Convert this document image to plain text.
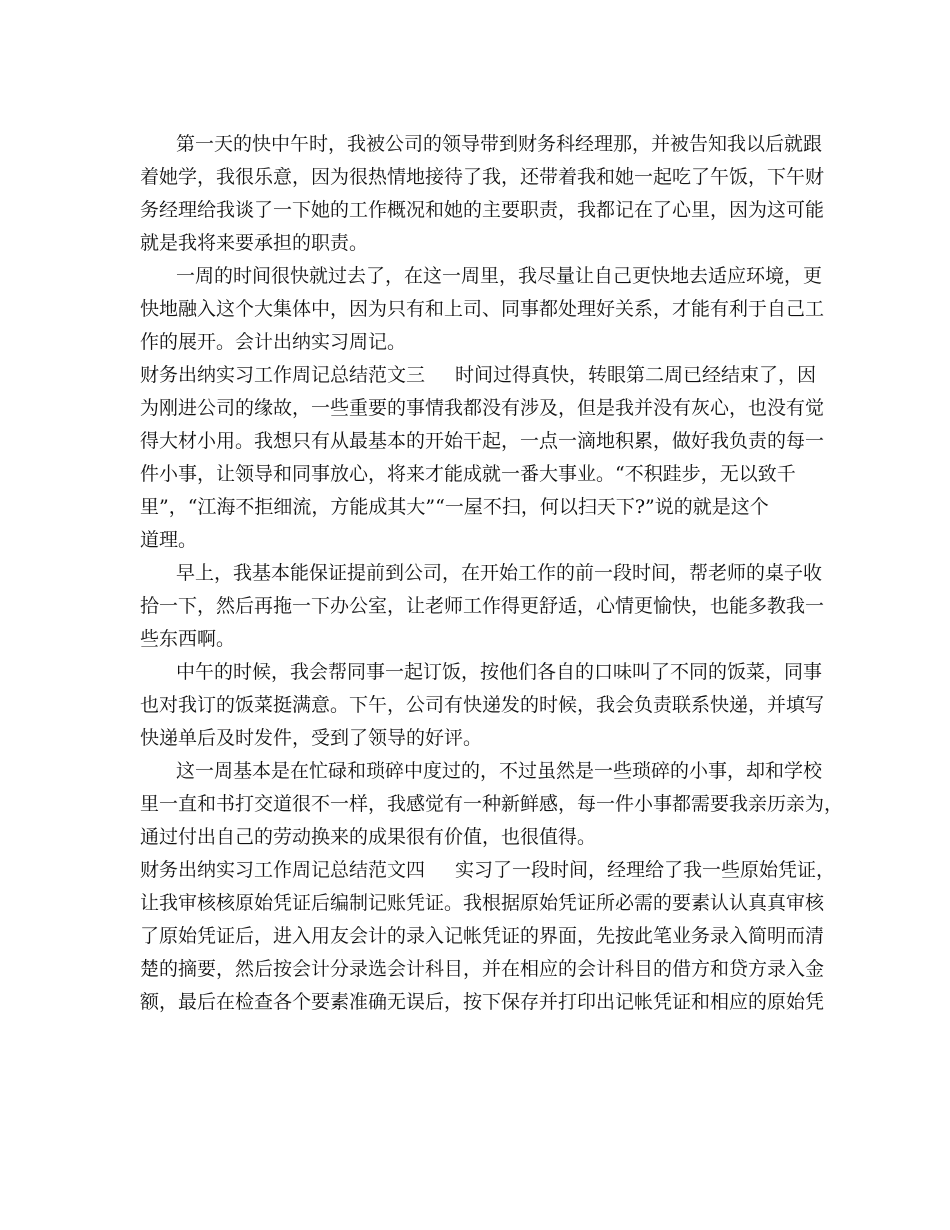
第一天的快中午时，我被公司的领导带到财务科经理那，并被告知我以后就跟
着她学，我很乐意，因为很热情地接待了我，还带着我和她一起吃了午饭，下午财
务经理给我谈了一下她的工作概况和她的主要职责，我都记在了心里，因为这可能
就是我将来要承担的职责。
一周的时间很快就过去了，在这一周里，我尽量让自己更快地去适应环境，更
快地融入这个大集体中，因为只有和上司、同事都处理好关系，才能有利于自己工
作的展开。会计出纳实习周记。
财务出纳实习工作周记总结范文三 时间过得真快，转眼第二周已经结束了，因
为刚进公司的缘故，一些重要的事情我都没有涉及，但是我并没有灰心，也没有觉
得大材小用。我想只有从最基本的开始干起，一点一滴地积累，做好我负责的每一
件小事，让领导和同事放心，将来才能成就一番大事业。“不积跬步，无以致千
里”，“江海不拒细流，方能成其大”“一屋不扫，何以扫天下?”说的就是这个
道理。
早上，我基本能保证提前到公司，在开始工作的前一段时间，帮老师的桌子收
拾一下，然后再拖一下办公室，让老师工作得更舒适，心情更愉快，也能多教我一
些东西啊。
中午的时候，我会帮同事一起订饭，按他们各自的口味叫了不同的饭菜，同事
也对我订的饭菜挺满意。下午，公司有快递发的时候，我会负责联系快递，并填写
快递单后及时发件，受到了领导的好评。
这一周基本是在忙碌和琐碎中度过的，不过虽然是一些琐碎的小事，却和学校
里一直和书打交道很不一样，我感觉有一种新鲜感，每一件小事都需要我亲历亲为，
通过付出自己的劳动换来的成果很有价值，也很值得。
财务出纳实习工作周记总结范文四 实习了一段时间，经理给了我一些原始凭证，
让我审核核原始凭证后编制记账凭证。我根据原始凭证所必需的要素认认真真审核
了原始凭证后，进入用友会计的录入记帐凭证的界面，先按此笔业务录入简明而清
楚的摘要，然后按会计分录选会计科目，并在相应的会计科目的借方和贷方录入金
额，最后在检查各个要素准确无误后，按下保存并打印出记帐凭证和相应的原始凭
